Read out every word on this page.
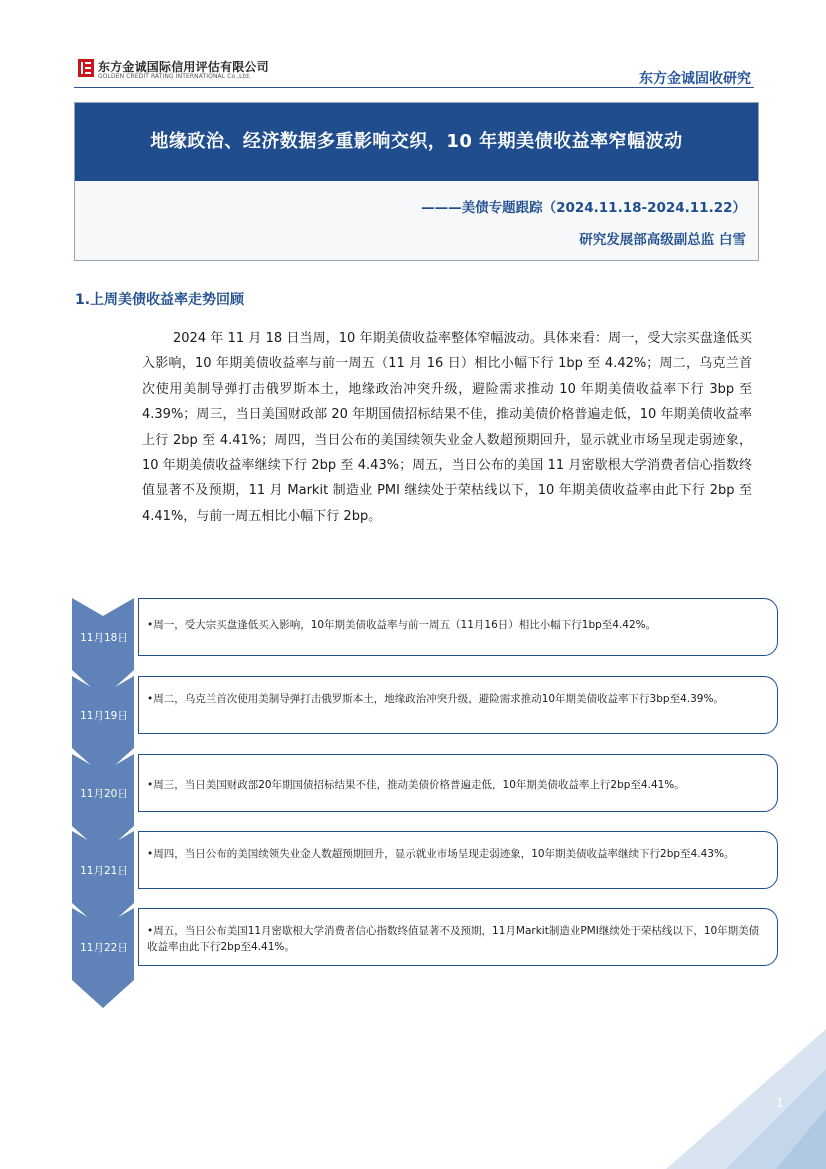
东方金诚国际信用评估有限公司
GOLDEN CREDIT RATING INTERNATIONAL Co.,Ltd.	东方金诚固收研究
地缘政治、经济数据多重影响交织，10 年期美债收益率窄幅波动
———美债专题跟踪（2024.11.18-2024.11.22）
研究发展部高级副总监 白雪
1.上周美债收益率走势回顾
2024 年 11 月 18 日当周，10 年期美债收益率整体窄幅波动。具体来看：周一，受大宗买盘逢低买入影响，10 年期美债收益率与前一周五（11 月 16 日）相比小幅下行 1bp 至 4.42%；周二，乌克兰首次使用美制导弹打击俄罗斯本土，地缘政治冲突升级，避险需求推动 10 年期美债收益率下行 3bp 至 4.39%；周三，当日美国财政部 20 年期国债招标结果不佳，推动美债价格普遍走低，10 年期美债收益率上行 2bp 至 4.41%；周四，当日公布的美国续领失业金人数超预期回升，显示就业市场呈现走弱迹象，10 年期美债收益率继续下行 2bp 至 4.43%；周五，当日公布的美国 11 月密歇根大学消费者信心指数终值显著不及预期，11 月 Markit 制造业 PMI 继续处于荣枯线以下，10 年期美债收益率由此下行 2bp 至 4.41%，与前一周五相比小幅下行 2bp。
11月18日
•周一，受大宗买盘逢低买入影响，10年期美债收益率与前一周五（11月16日）相比小幅下行1bp至4.42%。
11月19日
•周二，乌克兰首次使用美制导弹打击俄罗斯本土，地缘政治冲突升级，避险需求推动10年期美债收益率下行3bp至4.39%。
11月20日
•周三，当日美国财政部20年期国债招标结果不佳，推动美债价格普遍走低，10年期美债收益率上行2bp至4.41%。
11月21日
•周四，当日公布的美国续领失业金人数超预期回升，显示就业市场呈现走弱迹象，10年期美债收益率继续下行2bp至4.43%。
11月22日
•周五，当日公布美国11月密歇根大学消费者信心指数终值显著不及预期，11月Markit制造业PMI继续处于荣枯线以下，10年期美债收益率由此下行2bp至4.41%。
1
